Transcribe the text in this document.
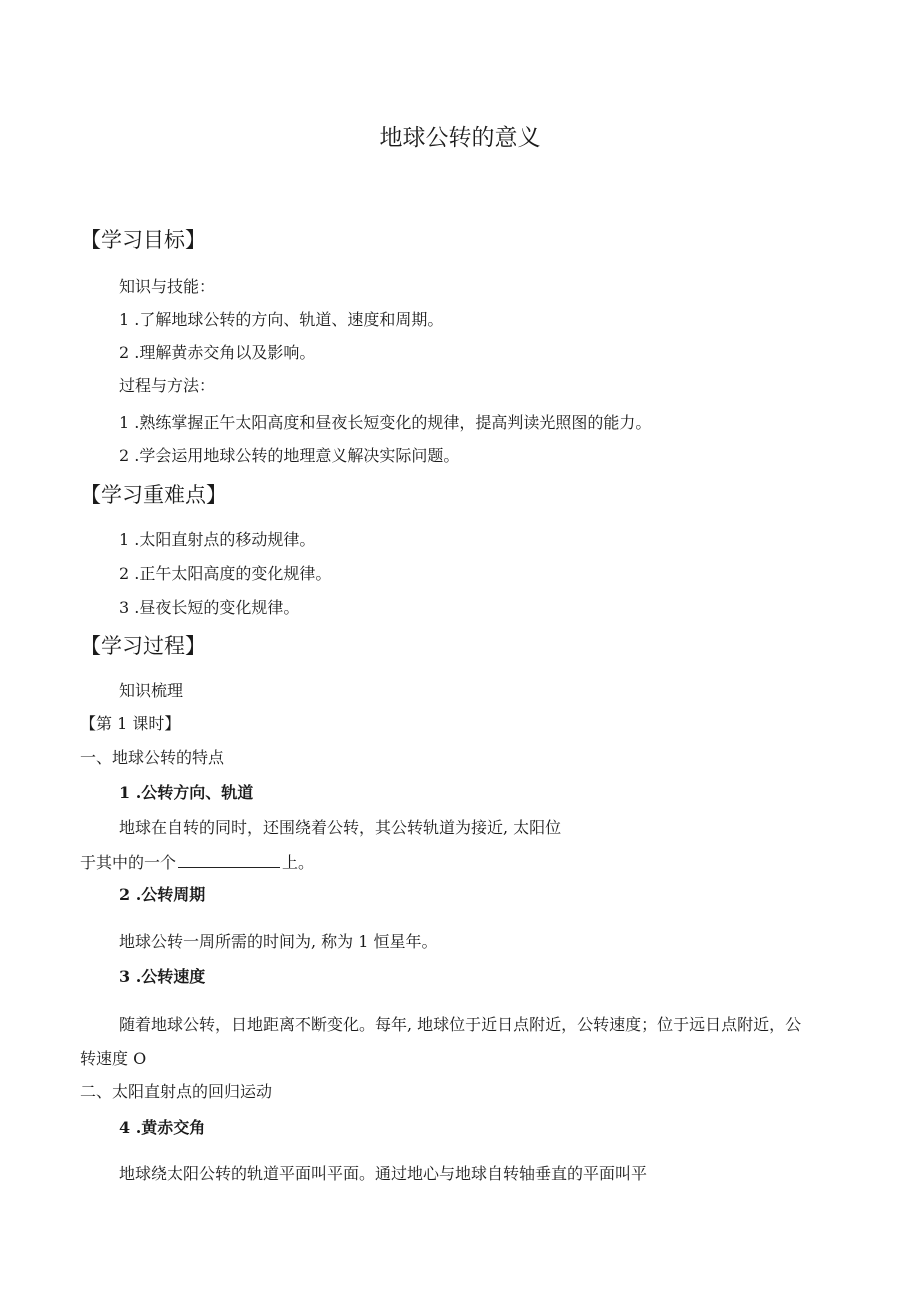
地球公转的意义
【学习目标】
知识与技能：
1 .了解地球公转的方向、轨道、速度和周期。
2 .理解黄赤交角以及影响。
过程与方法：
1 .熟练掌握正午太阳高度和昼夜长短变化的规律，提高判读光照图的能力。
2 .学会运用地球公转的地理意义解决实际问题。
【学习重难点】
1 .太阳直射点的移动规律。
2 .正午太阳高度的变化规律。
3 .昼夜长短的变化规律。
【学习过程】
知识梳理
【第 1 课时】
一、地球公转的特点
1 .公转方向、轨道
地球在自转的同时，还围绕着公转，其公转轨道为接近, 太阳位
于其中的一个	上。
2 .公转周期
地球公转一周所需的时间为, 称为 1 恒星年。
3 .公转速度
随着地球公转，日地距离不断变化。每年, 地球位于近日点附近，公转速度；位于远日点附近，公
转速度 O
二、太阳直射点的回归运动
4 .黄赤交角
地球绕太阳公转的轨道平面叫平面。通过地心与地球自转轴垂直的平面叫平
